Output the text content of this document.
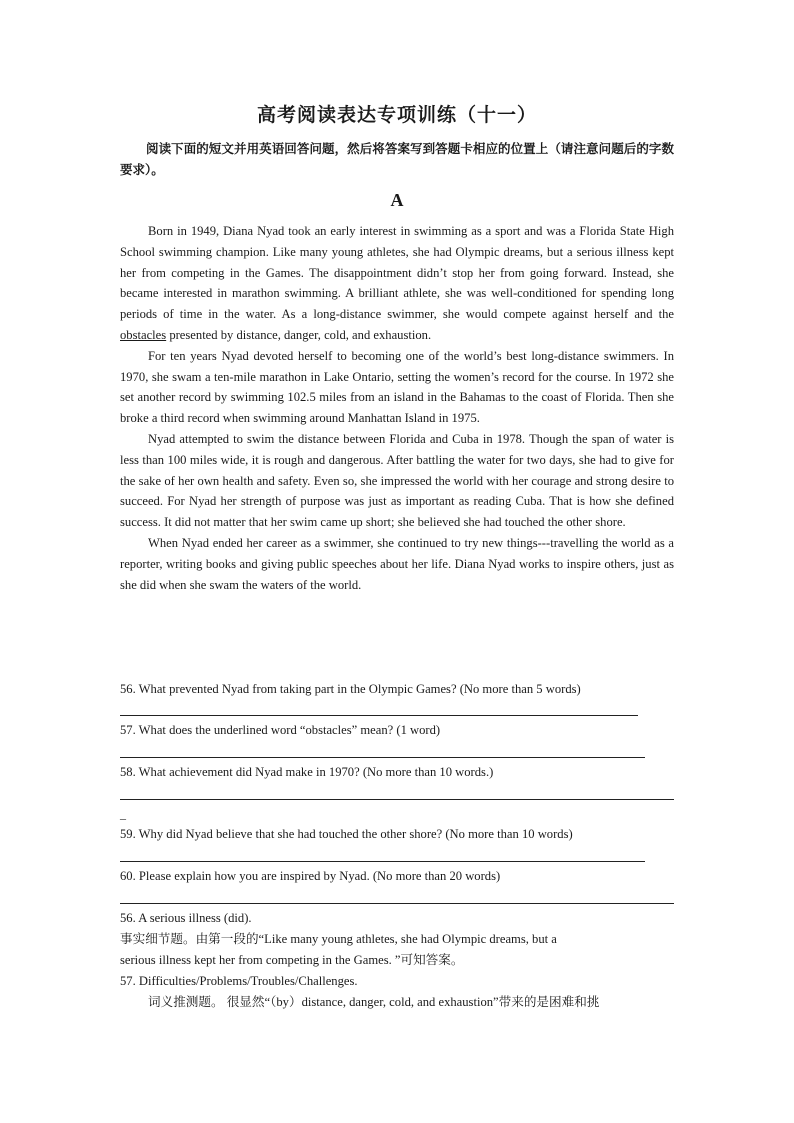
高考阅读表达专项训练（十一）
阅读下面的短文并用英语回答问题，然后将答案写到答题卡相应的位置上（请注意问题后的字数要求）。
A

Born in 1949, Diana Nyad took an early interest in swimming as a sport and was a Florida State High School swimming champion. Like many young athletes, she had Olympic dreams, but a serious illness kept her from competing in the Games. The disappointment didn’t stop her from going forward. Instead, she became interested in marathon swimming. A brilliant athlete, she was well-conditioned for spending long periods of time in the water. As a long-distance swimmer, she would compete against herself and the obstacles presented by distance, danger, cold, and exhaustion.

For ten years Nyad devoted herself to becoming one of the world’s best long-distance swimmers. In 1970, she swam a ten-mile marathon in Lake Ontario, setting the women’s record for the course. In 1972 she set another record by swimming 102.5 miles from an island in the Bahamas to the coast of Florida. Then she broke a third record when swimming around Manhattan Island in 1975.

Nyad attempted to swim the distance between Florida and Cuba in 1978. Though the span of water is less than 100 miles wide, it is rough and dangerous. After battling the water for two days, she had to give for the sake of her own health and safety. Even so, she impressed the world with her courage and strong desire to succeed. For Nyad her strength of purpose was just as important as reading Cuba. That is how she defined success. It did not matter that her swim came up short; she believed she had touched the other shore.

When Nyad ended her career as a swimmer, she continued to try new things---travelling the world as a reporter, writing books and giving public speeches about her life. Diana Nyad works to inspire others, just as she did when she swam the waters of the world.

56. What prevented Nyad from taking part in the Olympic Games? (No more than 5 words)
57. What does the underlined word “obstacles” mean? (1 word)
58. What achievement did Nyad make in 1970? (No more than 10 words.)
_
59. Why did Nyad believe that she had touched the other shore? (No more than 10 words)
60. Please explain how you are inspired by Nyad. (No more than 20 words)
56. A serious illness (did).
事实细节题。由第一段的“Like many young athletes, she had Olympic dreams, but a
serious illness kept her from competing in the Games. ”可知答案。
57. Difficulties/Problems/Troubles/Challenges.
词义推测题。 很显然“（by）distance, danger, cold, and exhaustion”带来的是困难和挑
